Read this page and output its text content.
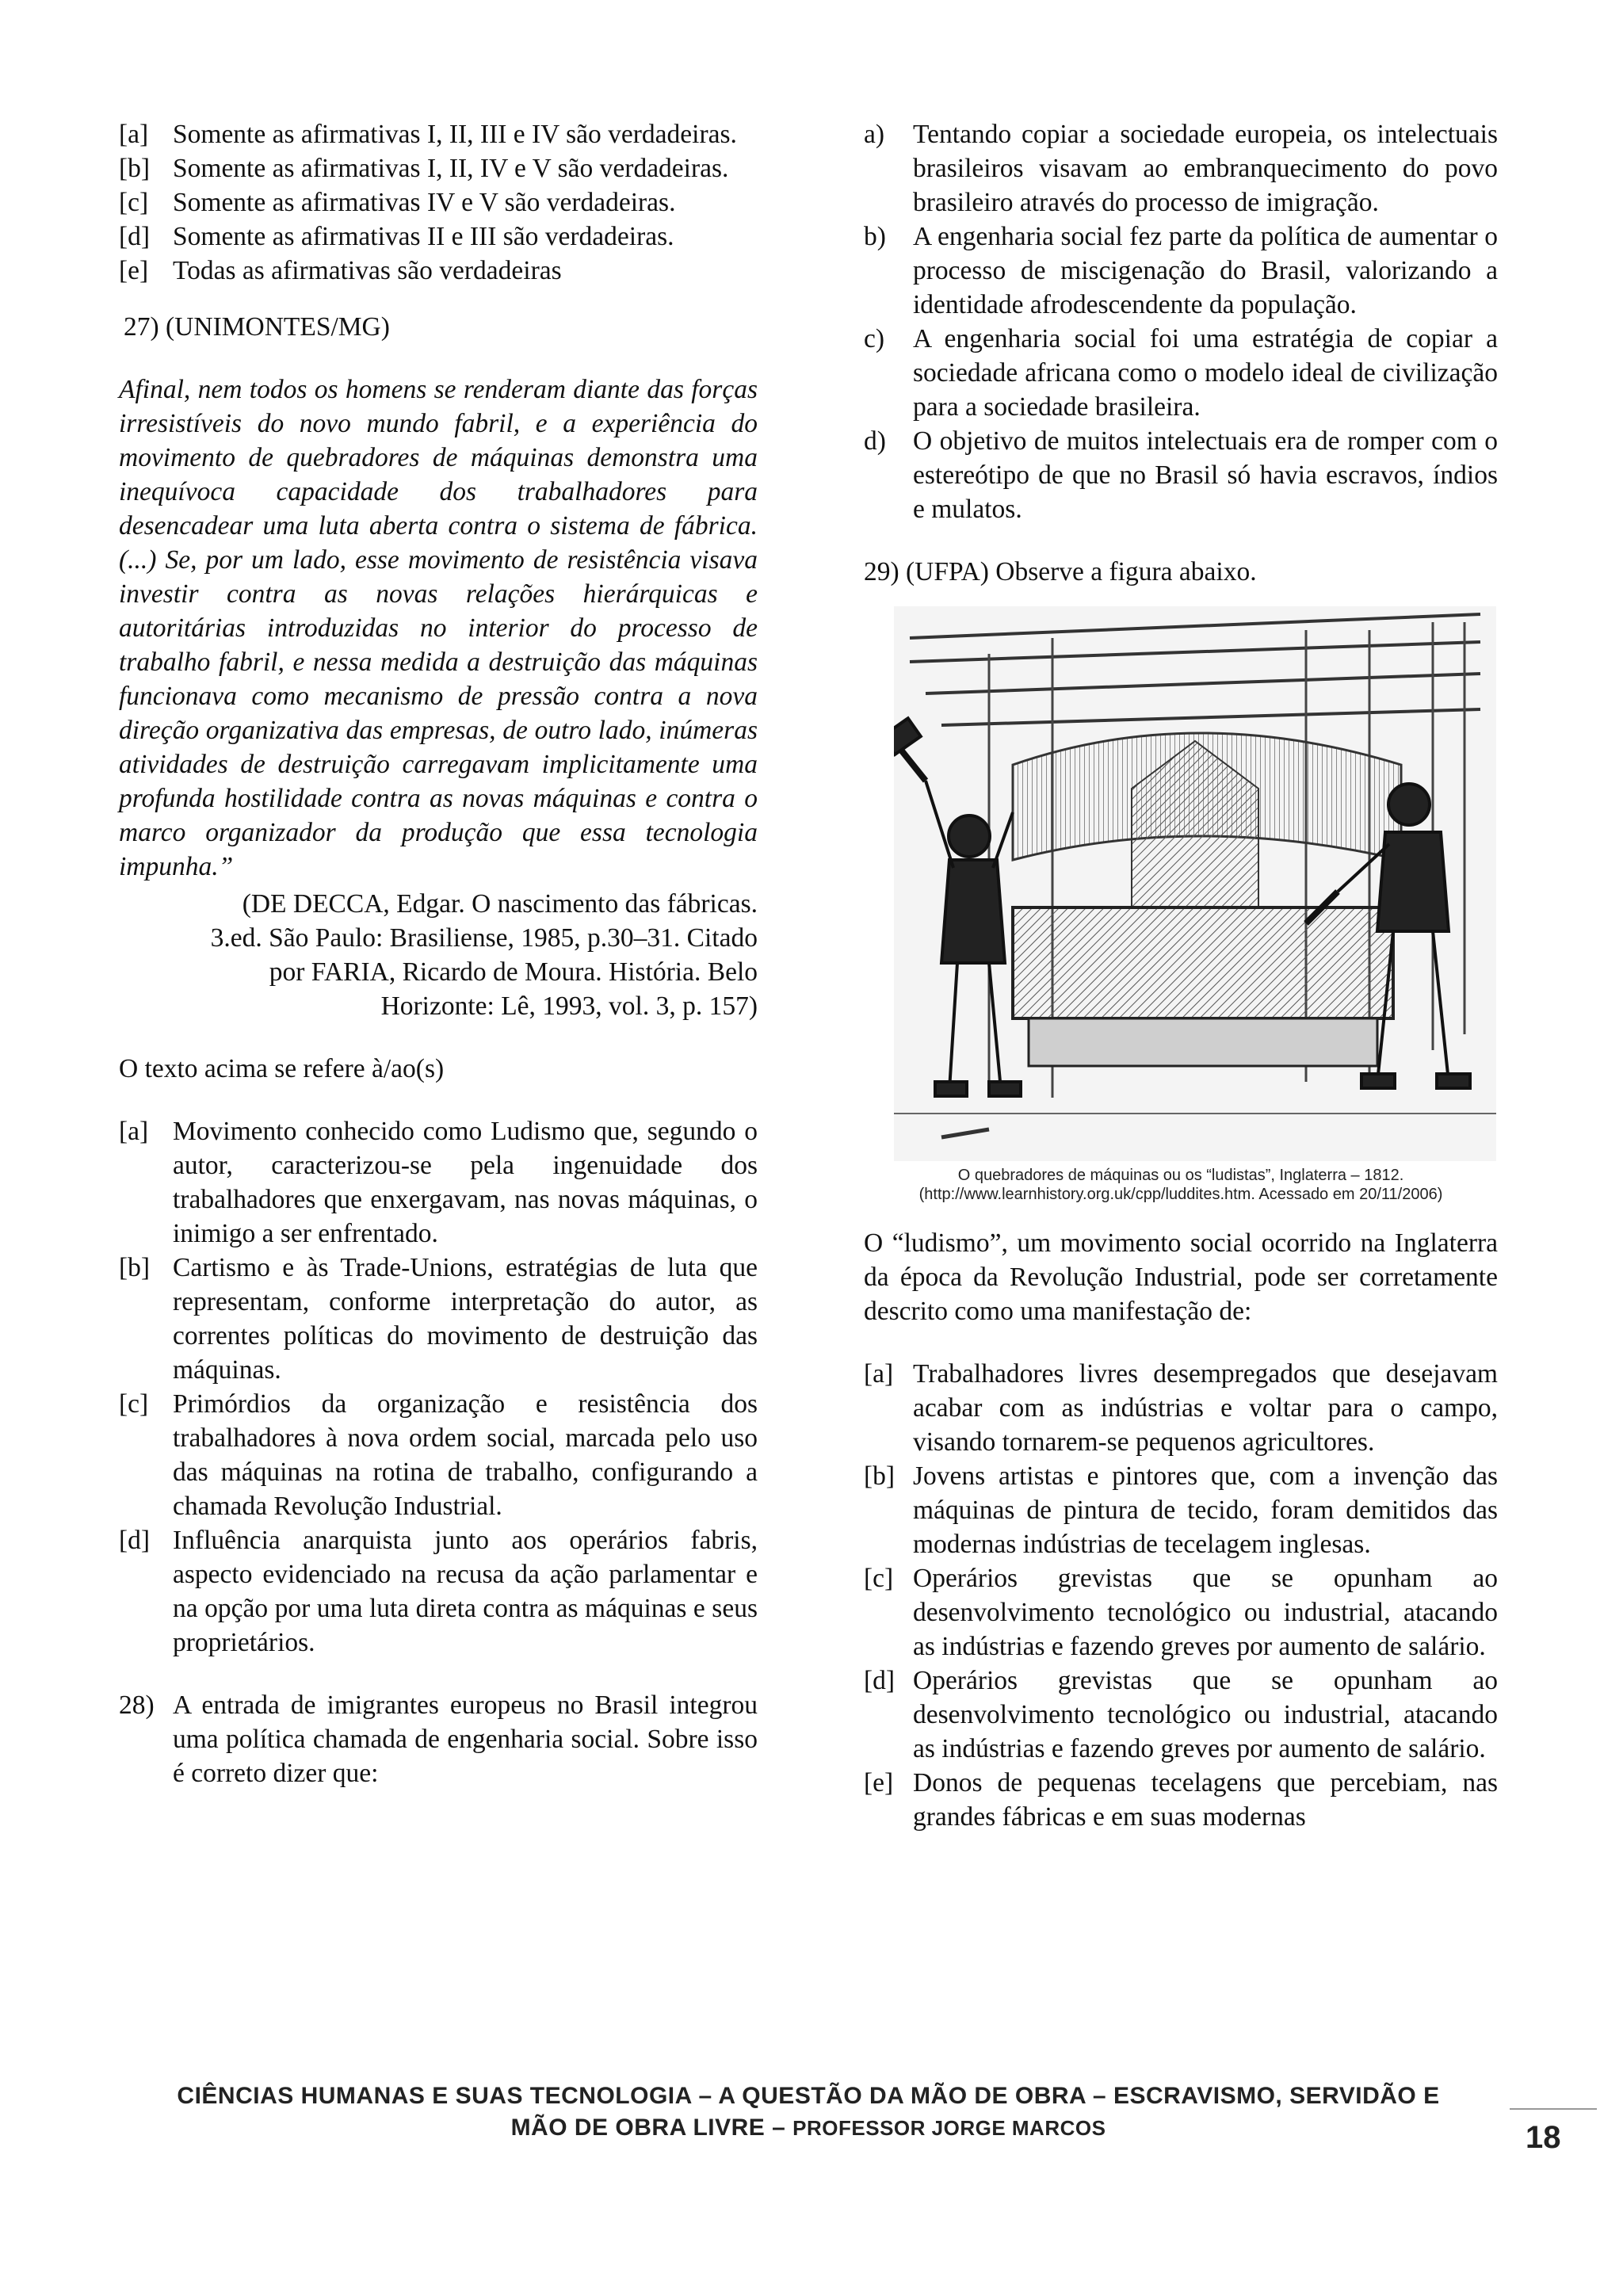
[a] Somente as afirmativas I, II, III e IV são verdadeiras.
[b] Somente as afirmativas I, II, IV e V são verdadeiras.
[c] Somente as afirmativas IV e V são verdadeiras.
[d] Somente as afirmativas II e III são verdadeiras.
[e] Todas as afirmativas são verdadeiras
27) (UNIMONTES/MG)
Afinal, nem todos os homens se renderam diante das forças irresistíveis do novo mundo fabril, e a experiência do movimento de quebradores de máquinas demonstra uma inequívoca capacidade dos trabalhadores para desencadear uma luta aberta contra o sistema de fábrica. (...) Se, por um lado, esse movimento de resistência visava investir contra as novas relações hierárquicas e autoritárias introduzidas no interior do processo de trabalho fabril, e nessa medida a destruição das máquinas funcionava como mecanismo de pressão contra a nova direção organizativa das empresas, de outro lado, inúmeras atividades de destruição carregavam implicitamente uma profunda hostilidade contra as novas máquinas e contra o marco organizador da produção que essa tecnologia impunha.”
(DE DECCA, Edgar. O nascimento das fábricas.
3.ed. São Paulo: Brasiliense, 1985, p.30–31. Citado
por FARIA, Ricardo de Moura. História. Belo
Horizonte: Lê, 1993, vol. 3, p. 157)
O texto acima se refere à/ao(s)
[a] Movimento conhecido como Ludismo que, segundo o autor, caracterizou-se pela ingenuidade dos trabalhadores que enxergavam, nas novas máquinas, o inimigo a ser enfrentado.
[b] Cartismo e às Trade-Unions, estratégias de luta que representam, conforme interpretação do autor, as correntes políticas do movimento de destruição das máquinas.
[c] Primórdios da organização e resistência dos trabalhadores à nova ordem social, marcada pelo uso das máquinas na rotina de trabalho, configurando a chamada Revolução Industrial.
[d] Influência anarquista junto aos operários fabris, aspecto evidenciado na recusa da ação parlamentar e na opção por uma luta direta contra as máquinas e seus proprietários.
28) A entrada de imigrantes europeus no Brasil integrou uma política chamada de engenharia social. Sobre isso é correto dizer que:
a)	Tentando copiar a sociedade europeia, os intelectuais brasileiros visavam ao embranquecimento do povo brasileiro através do processo de imigração.
b)	A engenharia social fez parte da política de aumentar o processo de miscigenação do Brasil, valorizando a identidade afrodescendente da população.
c)	A engenharia social foi uma estratégia de copiar a sociedade africana como o modelo ideal de civilização para a sociedade brasileira.
d)	O objetivo de muitos intelectuais era de romper com o estereótipo de que no Brasil só havia escravos, índios e mulatos.
29) (UFPA) Observe a figura abaixo.
O quebradores de máquinas ou os “ludistas”, Inglaterra – 1812.
(http://www.learnhistory.org.uk/cpp/luddites.htm. Acessado em 20/11/2006)
O “ludismo”, um movimento social ocorrido na Inglaterra da época da Revolução Industrial, pode ser corretamente descrito como uma manifestação de:
[a] Trabalhadores livres desempregados que desejavam acabar com as indústrias e voltar para o campo, visando tornarem-se pequenos agricultores.
[b] Jovens artistas e pintores que, com a invenção das máquinas de pintura de tecido, foram demitidos das modernas indústrias de tecelagem inglesas.
[c] Operários grevistas que se opunham ao desenvolvimento tecnológico ou industrial, atacando as indústrias e fazendo greves por aumento de salário.
[d] Operários grevistas que se opunham ao desenvolvimento tecnológico ou industrial, atacando as indústrias e fazendo greves por aumento de salário.
[e] Donos de pequenas tecelagens que percebiam, nas grandes fábricas e em suas modernas
CIÊNCIAS HUMANAS E SUAS TECNOLOGIA – A QUESTÃO DA MÃO DE OBRA – ESCRAVISMO, SERVIDÃO E
MÃO DE OBRA LIVRE – PROFESSOR JORGE MARCOS	18
